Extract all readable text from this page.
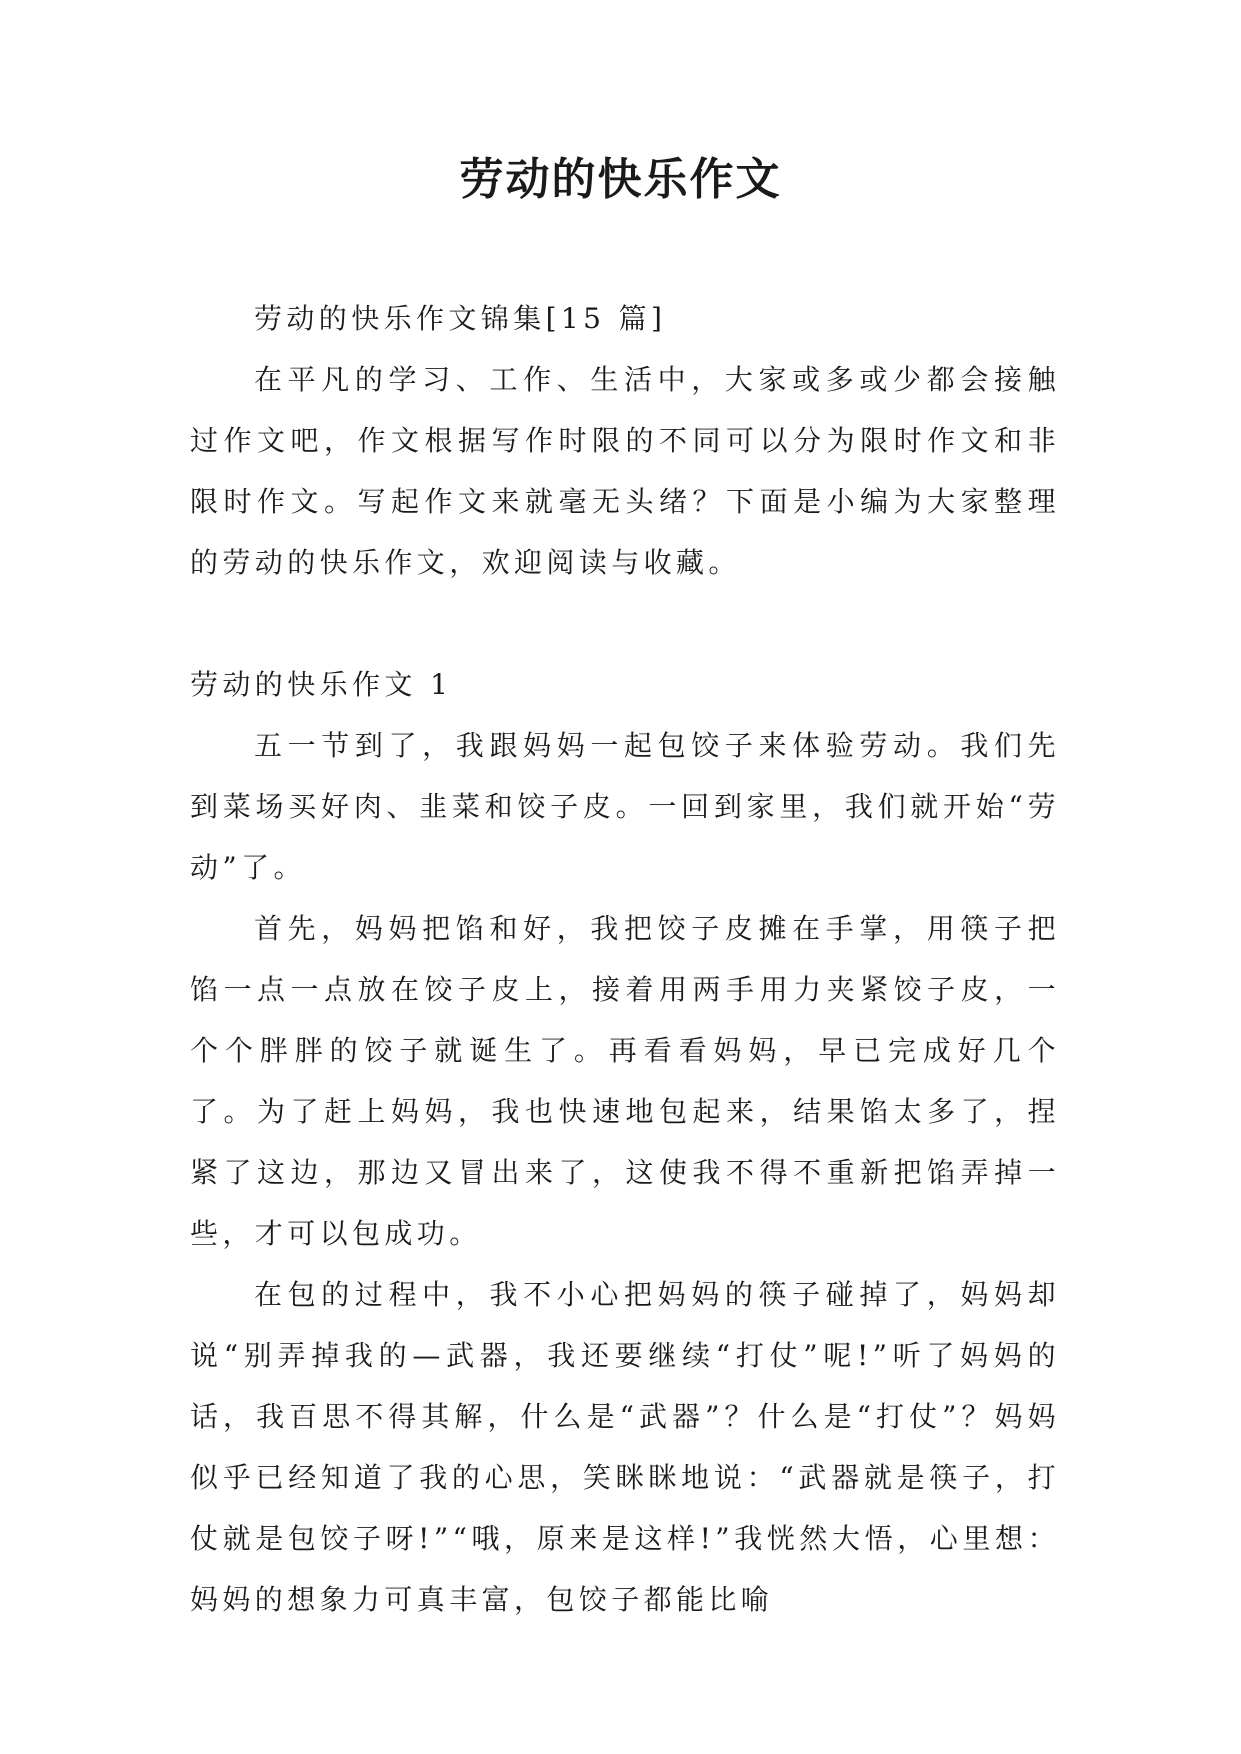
劳动的快乐作文

劳动的快乐作文锦集[15 篇]

在平凡的学习、工作、生活中，大家或多或少都会接触过作文吧，作文根据写作时限的不同可以分为限时作文和非限时作文。写起作文来就毫无头绪？下面是小编为大家整理的劳动的快乐作文，欢迎阅读与收藏。

劳动的快乐作文 1

五一节到了，我跟妈妈一起包饺子来体验劳动。我们先到菜场买好肉、韭菜和饺子皮。一回到家里，我们就开始“劳动”了。

首先，妈妈把馅和好，我把饺子皮摊在手掌，用筷子把馅一点一点放在饺子皮上，接着用两手用力夹紧饺子皮，一个个胖胖的饺子就诞生了。再看看妈妈，早已完成好几个了。为了赶上妈妈，我也快速地包起来，结果馅太多了，捏紧了这边，那边又冒出来了，这使我不得不重新把馅弄掉一些，才可以包成功。

在包的过程中，我不小心把妈妈的筷子碰掉了，妈妈却说“别弄掉我的—武器，我还要继续“打仗”呢!”听了妈妈的话，我百思不得其解，什么是“武器”？什么是“打仗”？妈妈似乎已经知道了我的心思，笑眯眯地说：“武器就是筷子，打仗就是包饺子呀!”“哦，原来是这样!”我恍然大悟，心里想：妈妈的想象力可真丰富，包饺子都能比喻
